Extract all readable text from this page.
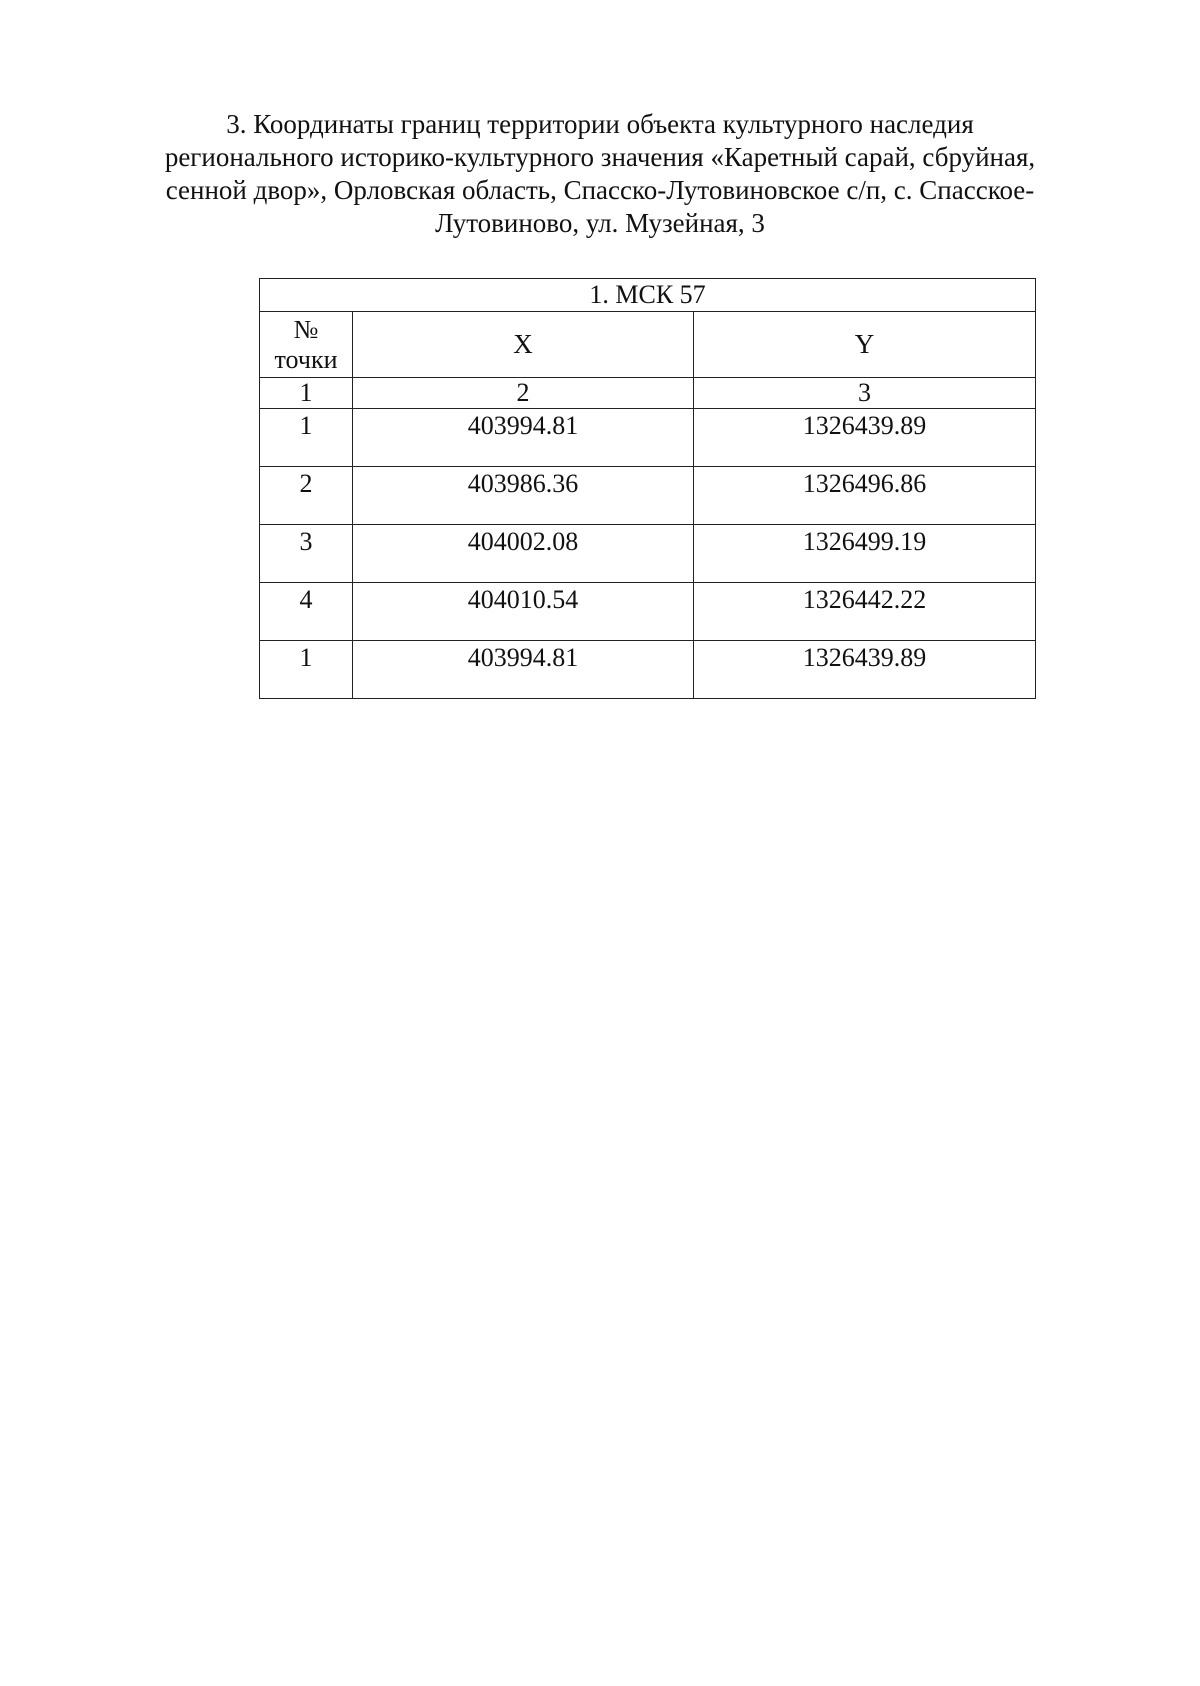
3. Координаты границ территории объекта культурного наследия
регионального историко-культурного значения «Каретный сарай, сбруйная,
сенной двор», Орловская область, Спасско-Лутовиновское с/п, с. Спасское-
Лутовиново, ул. Музейная, 3
1. МСК 57		

№
точки	X	Y
1	2	3
1	403994.81	1326439.89
2	403986.36	1326496.86
3	404002.08	1326499.19
4	404010.54	1326442.22
1	403994.81	1326439.89
